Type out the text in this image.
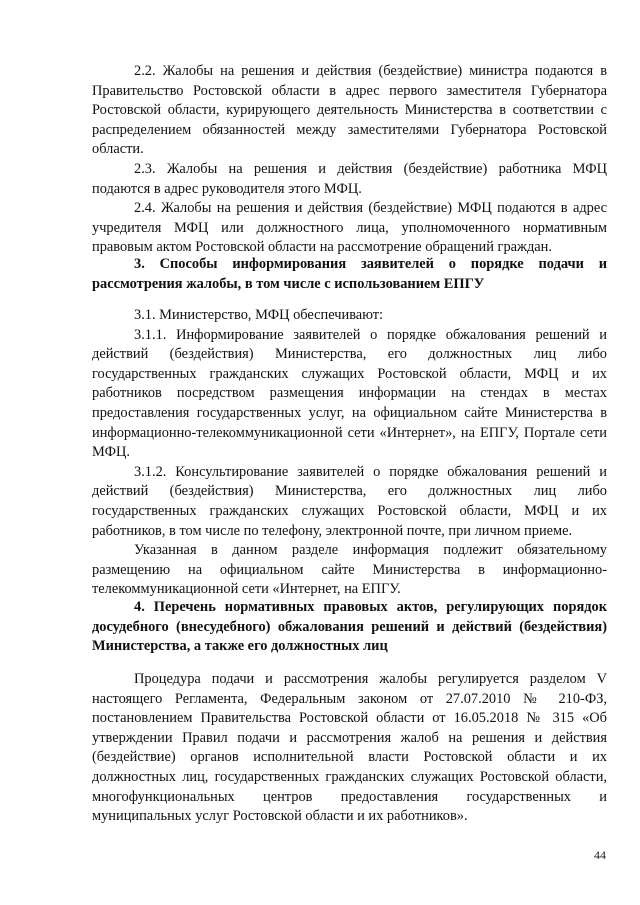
2.2. Жалобы на решения и действия (бездействие) министра подаются в Правительство Ростовской области в адрес первого заместителя Губернатора Ростовской области, курирующего деятельность Министерства в соответствии с распределением обязанностей между заместителями Губернатора Ростовской области.

2.3. Жалобы на решения и действия (бездействие) работника МФЦ подаются в адрес руководителя этого МФЦ.

2.4. Жалобы на решения и действия (бездействие) МФЦ подаются в адрес учредителя МФЦ или должностного лица, уполномоченного нормативным правовым актом Ростовской области на рассмотрение обращений граждан.

3. Способы информирования заявителей о порядке подачи и рассмотрения жалобы, в том числе с использованием ЕПГУ

3.1. Министерство, МФЦ обеспечивают:

3.1.1. Информирование заявителей о порядке обжалования решений и действий (бездействия) Министерства, его должностных лиц либо государственных гражданских служащих Ростовской области, МФЦ и их работников посредством размещения информации на стендах в местах предоставления государственных услуг, на официальном сайте Министерства в информационно-телекоммуникационной сети «Интернет», на ЕПГУ, Портале сети МФЦ.

3.1.2. Консультирование заявителей о порядке обжалования решений и действий (бездействия) Министерства, его должностных лиц либо государственных гражданских служащих Ростовской области, МФЦ и их работников, в том числе по телефону, электронной почте, при личном приеме.

Указанная в данном разделе информация подлежит обязательному размещению на официальном сайте Министерства в информационно-телекоммуникационной сети «Интернет, на ЕПГУ.

4. Перечень нормативных правовых актов, регулирующих порядок досудебного (внесудебного) обжалования решений и действий (бездействия) Министерства, а также его должностных лиц

Процедура подачи и рассмотрения жалобы регулируется разделом V настоящего Регламента, Федеральным законом от 27.07.2010 № 210-ФЗ, постановлением Правительства Ростовской области от 16.05.2018 № 315 «Об утверждении Правил подачи и рассмотрения жалоб на решения и действия (бездействие) органов исполнительной власти Ростовской области и их должностных лиц, государственных гражданских служащих Ростовской области, многофункциональных центров предоставления государственных и муниципальных услуг Ростовской области и их работников».

44
